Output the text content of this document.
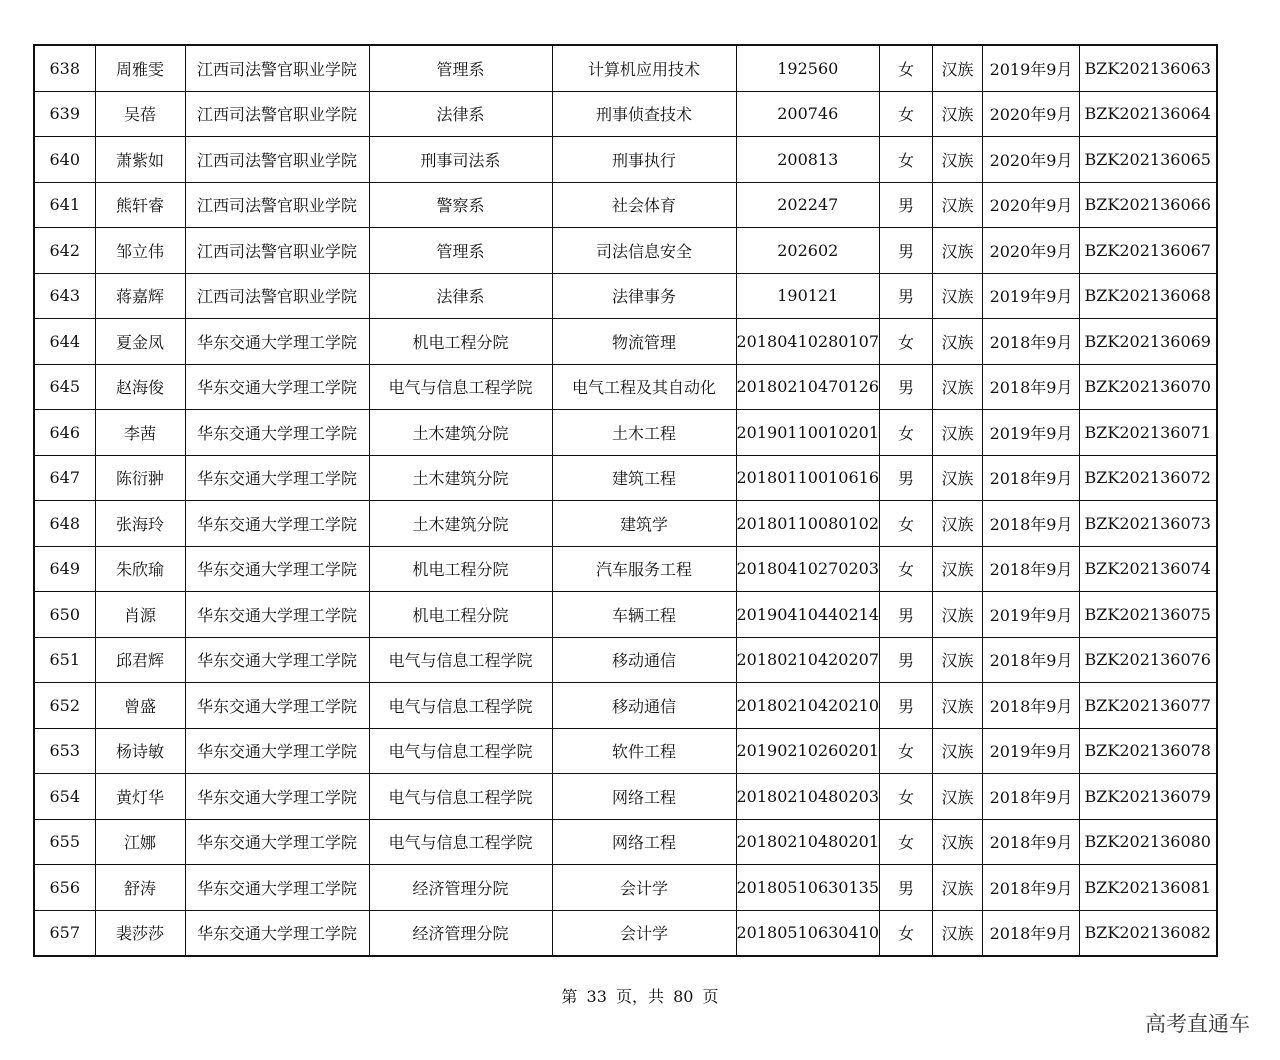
638	周雅雯	江西司法警官职业学院	管理系	计算机应用技术	192560	女	汉族	2019年9月	BZK202136063
639	吴蓓	江西司法警官职业学院	法律系	刑事侦查技术	200746	女	汉族	2020年9月	BZK202136064
640	萧紫如	江西司法警官职业学院	刑事司法系	刑事执行	200813	女	汉族	2020年9月	BZK202136065
641	熊轩睿	江西司法警官职业学院	警察系	社会体育	202247	男	汉族	2020年9月	BZK202136066
642	邹立伟	江西司法警官职业学院	管理系	司法信息安全	202602	男	汉族	2020年9月	BZK202136067
643	蒋嘉辉	江西司法警官职业学院	法律系	法律事务	190121	男	汉族	2019年9月	BZK202136068
644	夏金凤	华东交通大学理工学院	机电工程分院	物流管理	20180410280107	女	汉族	2018年9月	BZK202136069
645	赵海俊	华东交通大学理工学院	电气与信息工程学院	电气工程及其自动化	20180210470126	男	汉族	2018年9月	BZK202136070
646	李茜	华东交通大学理工学院	土木建筑分院	土木工程	20190110010201	女	汉族	2019年9月	BZK202136071
647	陈衍翀	华东交通大学理工学院	土木建筑分院	建筑工程	20180110010616	男	汉族	2018年9月	BZK202136072
648	张海玲	华东交通大学理工学院	土木建筑分院	建筑学	20180110080102	女	汉族	2018年9月	BZK202136073
649	朱欣瑜	华东交通大学理工学院	机电工程分院	汽车服务工程	20180410270203	女	汉族	2018年9月	BZK202136074
650	肖源	华东交通大学理工学院	机电工程分院	车辆工程	20190410440214	男	汉族	2019年9月	BZK202136075
651	邱君辉	华东交通大学理工学院	电气与信息工程学院	移动通信	20180210420207	男	汉族	2018年9月	BZK202136076
652	曾盛	华东交通大学理工学院	电气与信息工程学院	移动通信	20180210420210	男	汉族	2018年9月	BZK202136077
653	杨诗敏	华东交通大学理工学院	电气与信息工程学院	软件工程	20190210260201	女	汉族	2019年9月	BZK202136078
654	黄灯华	华东交通大学理工学院	电气与信息工程学院	网络工程	20180210480203	女	汉族	2018年9月	BZK202136079
655	江娜	华东交通大学理工学院	电气与信息工程学院	网络工程	20180210480201	女	汉族	2018年9月	BZK202136080
656	舒涛	华东交通大学理工学院	经济管理分院	会计学	20180510630135	男	汉族	2018年9月	BZK202136081
657	裴莎莎	华东交通大学理工学院	经济管理分院	会计学	20180510630410	女	汉族	2018年9月	BZK202136082
第 33 页，共 80 页
高考直通车
